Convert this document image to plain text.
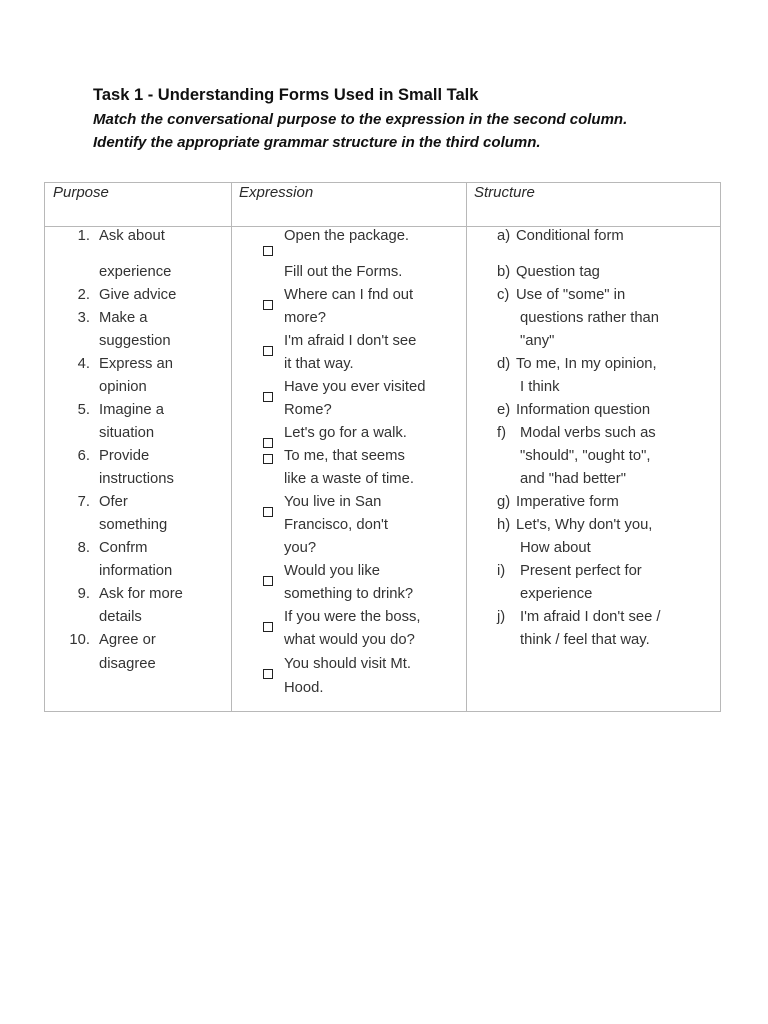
Task 1 - Understanding Forms Used in Small Talk
Match the conversational purpose to the expression in the second column.
Identify the appropriate grammar structure in the third column.
Purpose	Expression	Structure
1. Ask about
experience
2. Give advice
3. Make a
suggestion
4. Express an
opinion
5. Imagine a
situation
6. Provide
instructions
7. Ofer
something
8. Confrm
information
9. Ask for more
details
10. Agree or
disagree
Open the package.
Fill out the Forms.
Where can I fnd out
more?
I'm afraid I don't see
it that way.
Have you ever visited
Rome?
Let's go for a walk.
To me, that seems
like a waste of time.
You live in San
Francisco, don't
you?
Would you like
something to drink?
If you were the boss,
what would you do?
You should visit Mt.
Hood.
a) Conditional form
b) Question tag
c) Use of "some" in
questions rather than
"any"
d) To me, In my opinion,
I think
e) Information question
f) Modal verbs such as
"should", "ought to",
and "had better"
g) Imperative form
h) Let's, Why don't you,
How about
i) Present perfect for
experience
j) I'm afraid I don't see /
think / feel that way.
